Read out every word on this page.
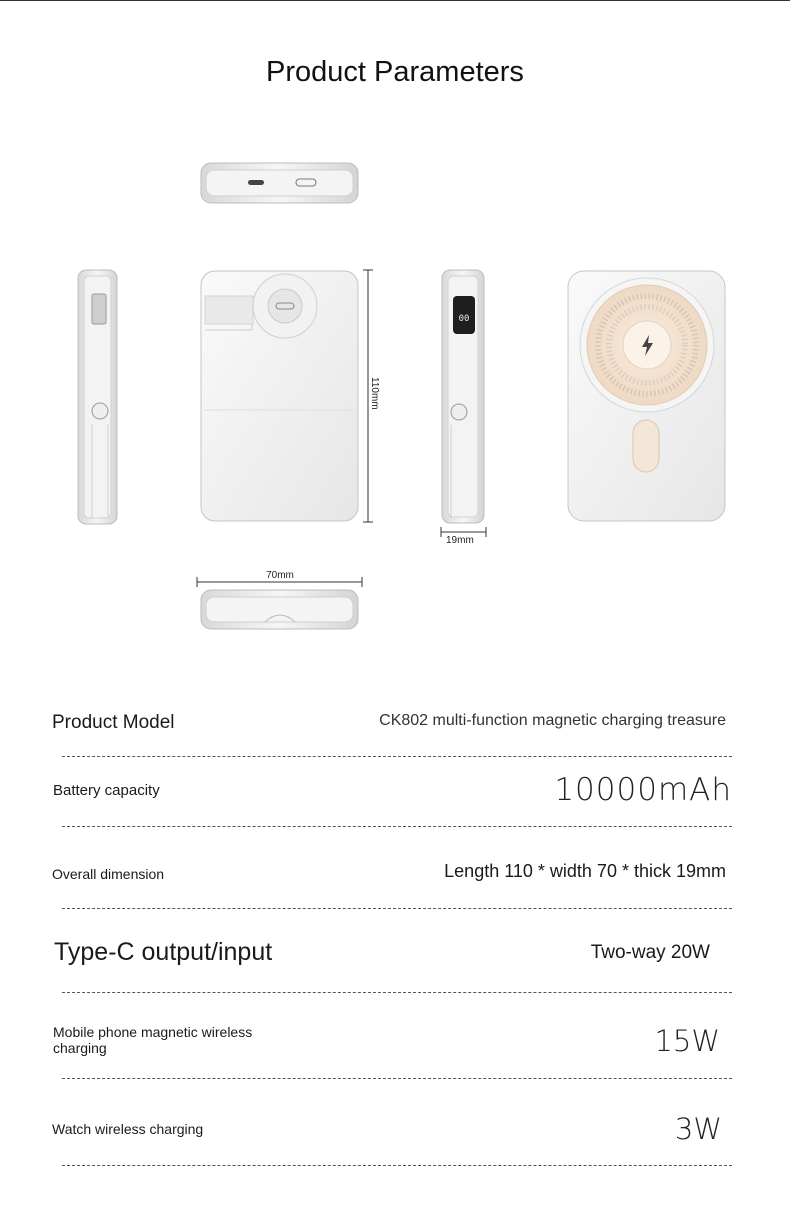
Product Parameters
110mm
00
19mm
70mm
Product Model	CK802 multi-function magnetic charging treasure
Battery capacity	10000mAh
Overall dimension	Length 110 * width 70 * thick 19mm
Type-C output/input	Two-way 20W
Mobile phone magnetic wireless charging	15W
Watch wireless charging	3W
